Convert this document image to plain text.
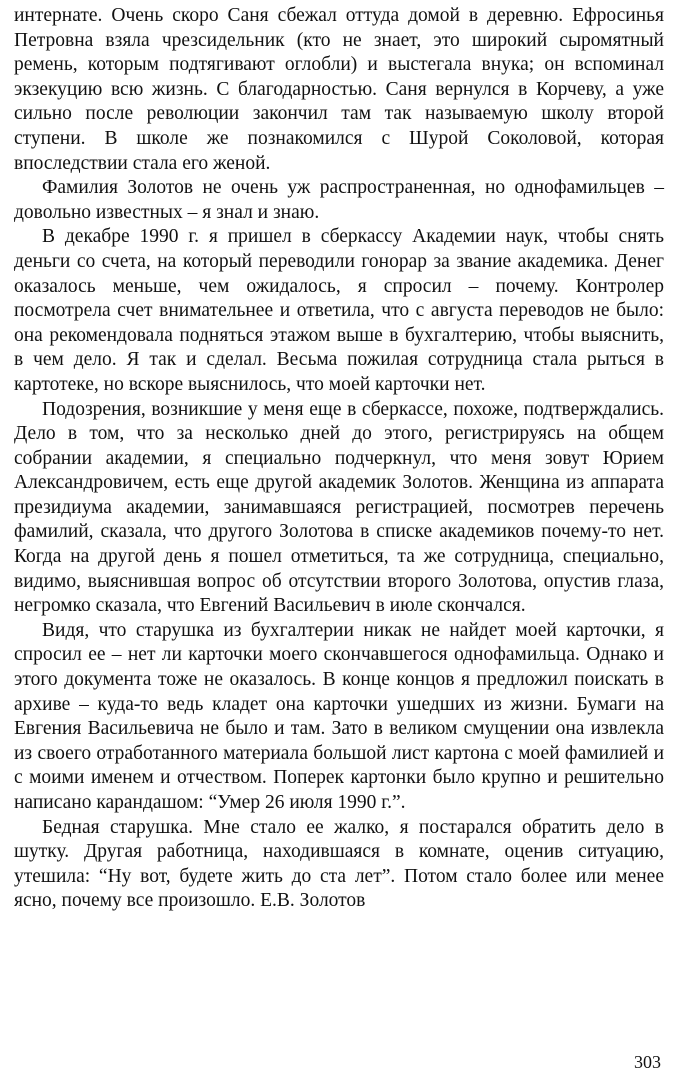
интернате. Очень скоро Саня сбежал оттуда домой в деревню. Ефросинья Петровна взяла чрезсидельник (кто не знает, это широкий сыромятный ремень, которым подтягивают оглобли) и выстегала внука; он вспоминал экзекуцию всю жизнь. С благодарностью. Саня вернулся в Корчеву, а уже сильно после революции закончил там так называемую школу второй ступени. В школе же познакомился с Шурой Соколовой, которая впоследствии стала его женой.

Фамилия Золотов не очень уж распространенная, но однофамильцев – довольно известных – я знал и знаю.

В декабре 1990 г. я пришел в сберкассу Академии наук, чтобы снять деньги со счета, на который переводили гонорар за звание академика. Денег оказалось меньше, чем ожидалось, я спросил – почему. Контролер посмотрела счет внимательнее и ответила, что с августа переводов не было: она рекомендовала подняться этажом выше в бухгалтерию, чтобы выяснить, в чем дело. Я так и сделал. Весьма пожилая сотрудница стала рыться в картотеке, но вскоре выяснилось, что моей карточки нет.

Подозрения, возникшие у меня еще в сберкассе, похоже, подтверждались. Дело в том, что за несколько дней до этого, регистрируясь на общем собрании академии, я специально подчеркнул, что меня зовут Юрием Александровичем, есть еще другой академик Золотов. Женщина из аппарата президиума академии, занимавшаяся регистрацией, посмотрев перечень фамилий, сказала, что другого Золотова в списке академиков почему-то нет. Когда на другой день я пошел отметиться, та же сотрудница, специально, видимо, выяснившая вопрос об отсутствии второго Золотова, опустив глаза, негромко сказала, что Евгений Васильевич в июле скончался.

Видя, что старушка из бухгалтерии никак не найдет моей карточки, я спросил ее – нет ли карточки моего скончавшегося однофамильца. Однако и этого документа тоже не оказалось. В конце концов я предложил поискать в архиве – куда-то ведь кладет она карточки ушедших из жизни. Бумаги на Евгения Васильевича не было и там. Зато в великом смущении она извлекла из своего отработанного материала большой лист картона с моей фамилией и с моими именем и отчеством. Поперек картонки было крупно и решительно написано карандашом: “Умер 26 июля 1990 г.”.

Бедная старушка. Мне стало ее жалко, я постарался обратить дело в шутку. Другая работница, находившаяся в комнате, оценив ситуацию, утешила: “Ну вот, будете жить до ста лет”. Потом стало более или менее ясно, почему все произошло. Е.В. Золотов

303
